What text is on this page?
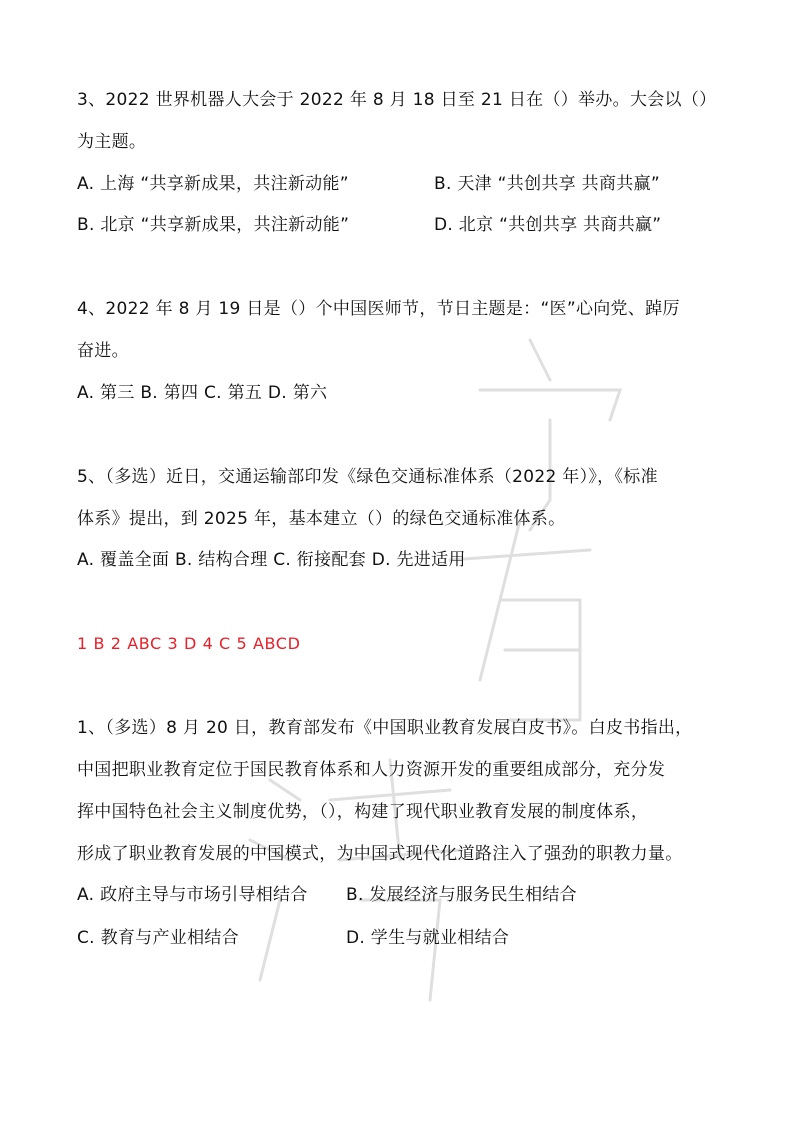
3、2022 世界机器人大会于 2022 年 8 月 18 日至 21 日在（）举办。大会以（）
为主题。
A. 上海 “共享新成果，共注新动能”	B. 天津 “共创共享 共商共赢”
B. 北京 “共享新成果，共注新动能”	D. 北京 “共创共享 共商共赢”
4、2022 年 8 月 19 日是（）个中国医师节，节日主题是：“医”心向党、踔厉
奋进。
A. 第三 B. 第四 C. 第五 D. 第六
5、（多选）近日，交通运输部印发《绿色交通标准体系（2022 年）》，《标准
体系》提出，到 2025 年，基本建立（）的绿色交通标准体系。
A. 覆盖全面 B. 结构合理 C. 衔接配套 D. 先进适用
1 B 2 ABC 3 D 4 C 5 ABCD
1、（多选）8 月 20 日，教育部发布《中国职业教育发展白皮书》。白皮书指出，
中国把职业教育定位于国民教育体系和人力资源开发的重要组成部分，充分发
挥中国特色社会主义制度优势，（），构建了现代职业教育发展的制度体系，
形成了职业教育发展的中国模式，为中国式现代化道路注入了强劲的职教力量。
A. 政府主导与市场引导相结合 B. 发展经济与服务民生相结合
C. 教育与产业相结合	D. 学生与就业相结合
